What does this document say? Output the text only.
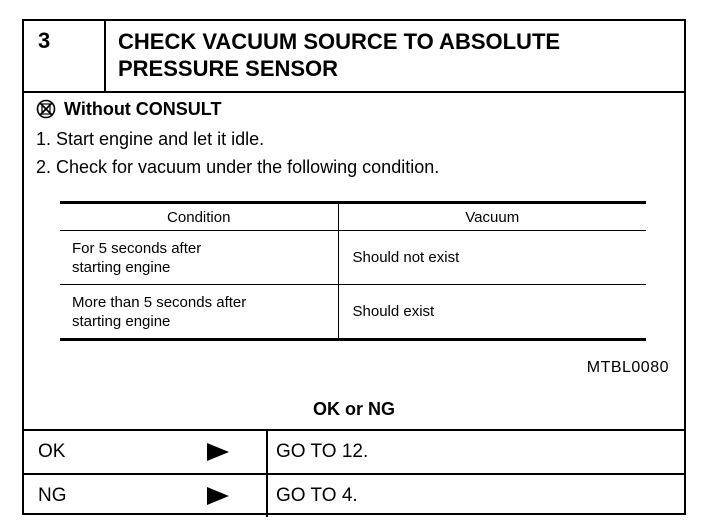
3	CHECK VACUUM SOURCE TO ABSOLUTE
PRESSURE SENSOR
Without CONSULT
1. Start engine and let it idle.
2. Check for vacuum under the following condition.
Condition	Vacuum

For 5 seconds after
starting engine	Should not exist

More than 5 seconds after
starting engine	Should exist
MTBL0080
OK or NG
OK	GO TO 12.
NG	GO TO 4.
